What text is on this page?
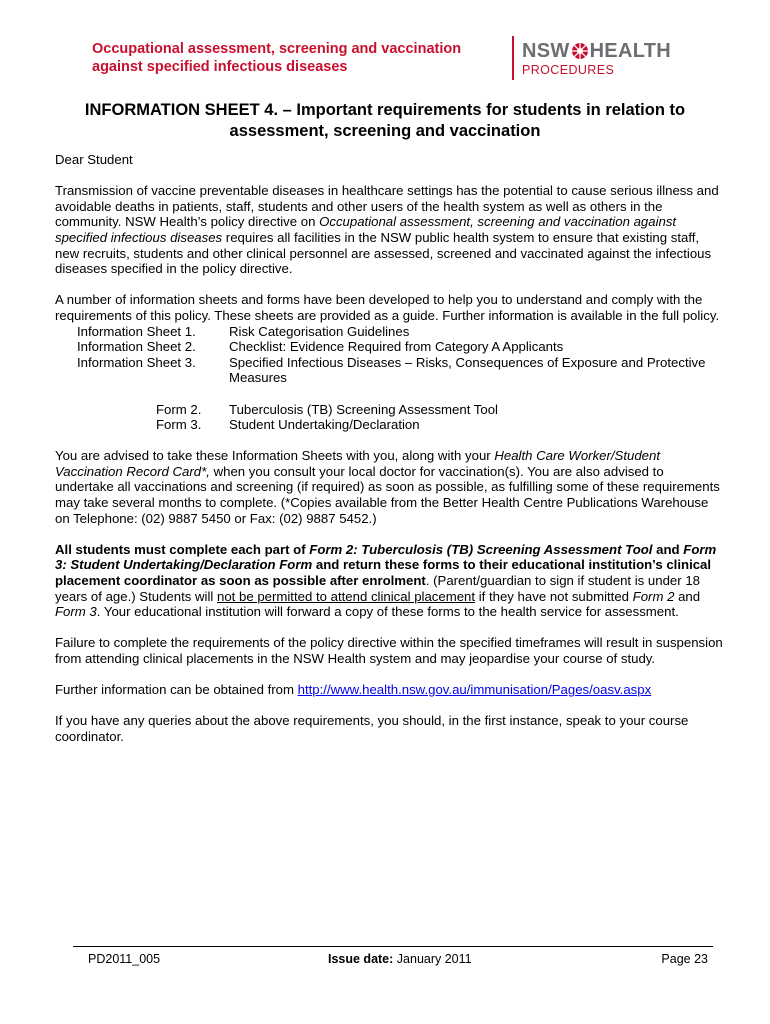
Occupational assessment, screening and vaccination
against specified infectious diseases
NSW HEALTH
PROCEDURES
INFORMATION SHEET 4. – Important requirements for students in relation to
assessment, screening and vaccination

Dear Student

Transmission of vaccine preventable diseases in healthcare settings has the potential to cause serious illness and avoidable deaths in patients, staff, students and other users of the health system as well as others in the community. NSW Health’s policy directive on Occupational assessment, screening and vaccination against specified infectious diseases requires all facilities in the NSW public health system to ensure that existing staff, new recruits, students and other clinical personnel are assessed, screened and vaccinated against the infectious diseases specified in the policy directive.

A number of information sheets and forms have been developed to help you to understand and comply with the requirements of this policy. These sheets are provided as a guide. Further information is available in the full policy.

Information Sheet 1.	Risk Categorisation Guidelines
Information Sheet 2.	Checklist: Evidence Required from Category A Applicants
Information Sheet 3.	Specified Infectious Diseases – Risks, Consequences of Exposure and Protective Measures
Form 2.	Tuberculosis (TB) Screening Assessment Tool
Form 3.	Student Undertaking/Declaration

You are advised to take these Information Sheets with you, along with your Health Care Worker/Student Vaccination Record Card*, when you consult your local doctor for vaccination(s). You are also advised to undertake all vaccinations and screening (if required) as soon as possible, as fulfilling some of these requirements may take several months to complete. (*Copies available from the Better Health Centre Publications Warehouse on Telephone: (02) 9887 5450 or Fax: (02) 9887 5452.)

All students must complete each part of Form 2: Tuberculosis (TB) Screening Assessment Tool and Form 3: Student Undertaking/Declaration Form and return these forms to their educational institution’s clinical placement coordinator as soon as possible after enrolment. (Parent/guardian to sign if student is under 18 years of age.) Students will not be permitted to attend clinical placement if they have not submitted Form 2 and Form 3. Your educational institution will forward a copy of these forms to the health service for assessment.

Failure to complete the requirements of the policy directive within the specified timeframes will result in suspension from attending clinical placements in the NSW Health system and may jeopardise your course of study.

Further information can be obtained from http://www.health.nsw.gov.au/immunisation/Pages/oasv.aspx

If you have any queries about the above requirements, you should, in the first instance, speak to your course coordinator.

PD2011_005	Issue date: January 2011	Page 23
